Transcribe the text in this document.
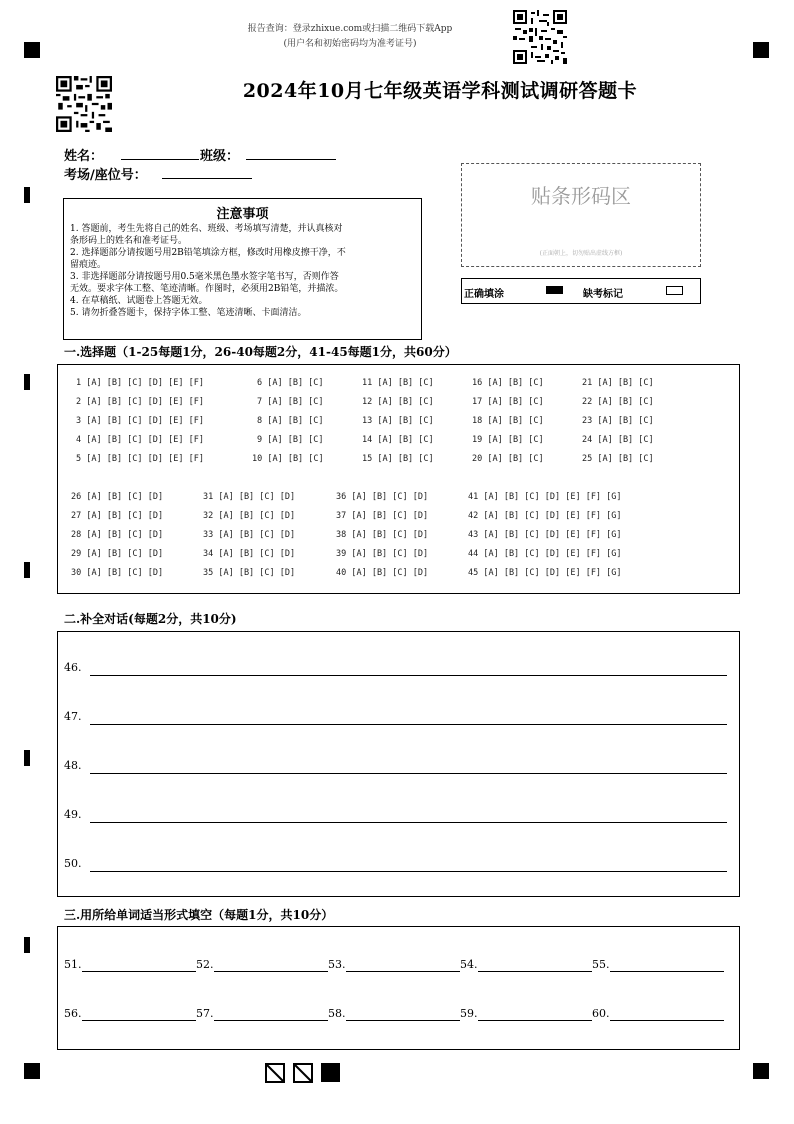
报告查询：登录zhixue.com或扫描二维码下载App
(用户名和初始密码均为准考证号)
2024年10月七年级英语学科测试调研答题卡
姓名：	班级：
考场/座位号：
贴条形码区
(正面朝上，切勿贴出虚线方框)
正确填涂	缺考标记
注意事项
1. 答题前，考生先将自己的姓名、班级、考场填写清楚，并认真核对
条形码上的姓名和准考证号。
2. 选择题部分请按题号用2B铅笔填涂方框，修改时用橡皮擦干净，不
留痕迹。
3. 非选择题部分请按题号用0.5毫米黑色墨水签字笔书写，否则作答
无效。要求字体工整、笔迹清晰。作图时，必须用2B铅笔，并描浓。
4. 在草稿纸、试题卷上答题无效。
5. 请勿折叠答题卡，保持字体工整、笔迹清晰、卡面清洁。
一.选择题（1-25每题1分，26-40每题2分，41-45每题1分，共60分）
1 [A] [B] [C] [D] [E] [F]	6 [A] [B] [C]	11 [A] [B] [C]	16 [A] [B] [C]	21 [A] [B] [C]
2 [A] [B] [C] [D] [E] [F]	7 [A] [B] [C]	12 [A] [B] [C]	17 [A] [B] [C]	22 [A] [B] [C]
3 [A] [B] [C] [D] [E] [F]	8 [A] [B] [C]	13 [A] [B] [C]	18 [A] [B] [C]	23 [A] [B] [C]
4 [A] [B] [C] [D] [E] [F]	9 [A] [B] [C]	14 [A] [B] [C]	19 [A] [B] [C]	24 [A] [B] [C]
5 [A] [B] [C] [D] [E] [F]	10 [A] [B] [C]	15 [A] [B] [C]	20 [A] [B] [C]	25 [A] [B] [C]
26 [A] [B] [C] [D]	31 [A] [B] [C] [D]	36 [A] [B] [C] [D]	41 [A] [B] [C] [D] [E] [F] [G]
27 [A] [B] [C] [D]	32 [A] [B] [C] [D]	37 [A] [B] [C] [D]	42 [A] [B] [C] [D] [E] [F] [G]
28 [A] [B] [C] [D]	33 [A] [B] [C] [D]	38 [A] [B] [C] [D]	43 [A] [B] [C] [D] [E] [F] [G]
29 [A] [B] [C] [D]	34 [A] [B] [C] [D]	39 [A] [B] [C] [D]	44 [A] [B] [C] [D] [E] [F] [G]
30 [A] [B] [C] [D]	35 [A] [B] [C] [D]	40 [A] [B] [C] [D]	45 [A] [B] [C] [D] [E] [F] [G]
二.补全对话(每题2分，共10分)
46.
47.
48.
49.
50.
三.用所给单词适当形式填空（每题1分，共10分）
51.	52.	53.	54.	55.
56.	57.	58.	59.	60.
